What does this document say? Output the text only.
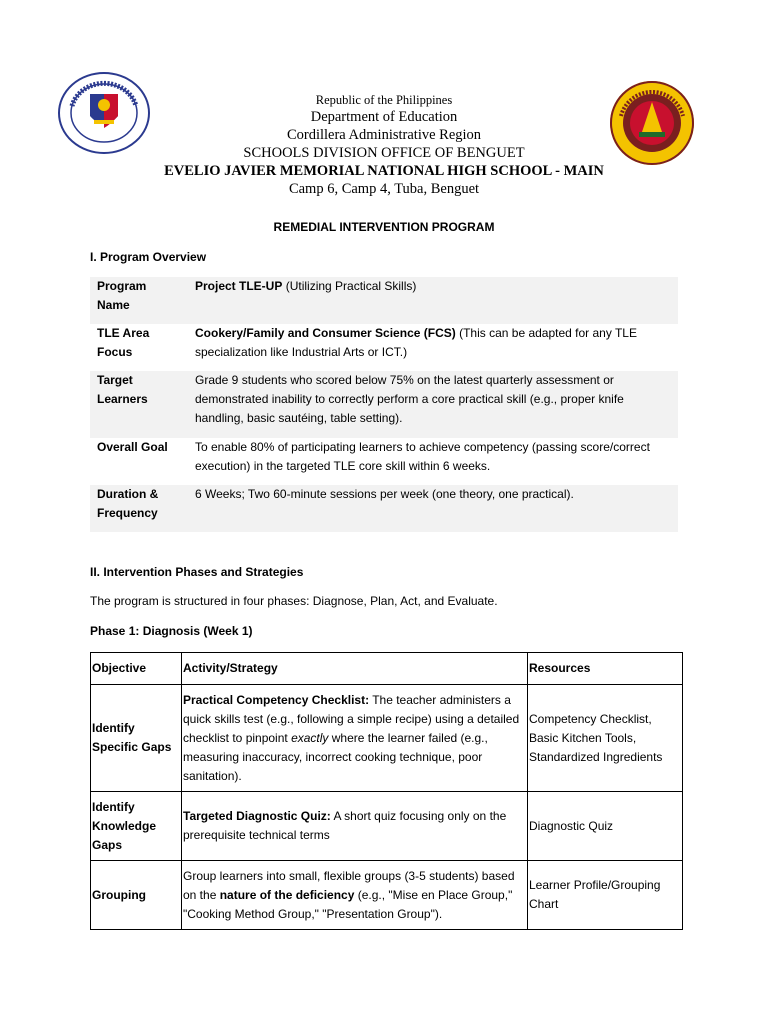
Republic of the Philippines
Department of Education
Cordillera Administrative Region
SCHOOLS DIVISION OFFICE OF BENGUET
EVELIO JAVIER MEMORIAL NATIONAL HIGH SCHOOL - MAIN
Camp 6, Camp 4, Tuba, Benguet
REMEDIAL INTERVENTION PROGRAM
I. Program Overview
Program Name	Project TLE-UP (Utilizing Practical Skills)
TLE Area Focus	Cookery/Family and Consumer Science (FCS) (This can be adapted for any TLE specialization like Industrial Arts or ICT.)
Target Learners	Grade 9 students who scored below 75% on the latest quarterly assessment or demonstrated inability to correctly perform a core practical skill (e.g., proper knife handling, basic sautéing, table setting).
Overall Goal	To enable 80% of participating learners to achieve competency (passing score/correct execution) in the targeted TLE core skill within 6 weeks.
Duration & Frequency	6 Weeks; Two 60-minute sessions per week (one theory, one practical).
II. Intervention Phases and Strategies
The program is structured in four phases: Diagnose, Plan, Act, and Evaluate.
Phase 1: Diagnosis (Week 1)
Objective	Activity/Strategy	Resources
Identify Specific Gaps	Practical Competency Checklist: The teacher administers a quick skills test (e.g., following a simple recipe) using a detailed checklist to pinpoint exactly where the learner failed (e.g., measuring inaccuracy, incorrect cooking technique, poor sanitation).	Competency Checklist, Basic Kitchen Tools, Standardized Ingredients
Identify Knowledge Gaps	Targeted Diagnostic Quiz: A short quiz focusing only on the prerequisite technical terms	Diagnostic Quiz
Grouping	Group learners into small, flexible groups (3-5 students) based on the nature of the deficiency (e.g., "Mise en Place Group," "Cooking Method Group," "Presentation Group").	Learner Profile/Grouping Chart
